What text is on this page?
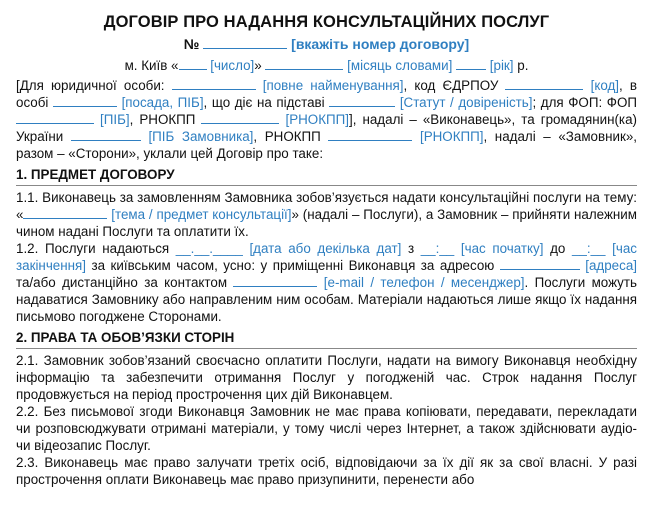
ДОГОВІР ПРО НАДАННЯ КОНСУЛЬТАЦІЙНИХ ПОСЛУГ
№	[вкажіть номер договору]
м. Київ « [число]»	[місяць словами]	[рік] р.

[Для юридичної особи:	[повне найменування], код ЄДРПОУ	[код], в особі	[посада, ПІБ], що діє на підставі	[Статут / довіреність]; для ФОП: ФОП  [ПІБ], РНОКПП	[РНОКПП]], надалі – «Виконавець», та громадянин(ка) України	[ПІБ Замовника], РНОКПП	[РНОКПП], надалі – «Замовник», разом – «Сторони», уклали цей Договір про таке:

1. ПРЕДМЕТ ДОГОВОРУ

1.1. Виконавець за замовленням Замовника зобов’язується надати консультаційні послуги на тему: «	[тема / предмет консультації]» (надалі – Послуги), а Замовник – прийняти належним чином надані Послуги та оплатити їх.

1.2. Послуги надаються __.__.____ [дата або декілька дат] з __:__ [час початку] до __:__ [час закінчення] за київським часом, усно: у приміщенні Виконавця за адресою	[адреса] та/або дистанційно за контактом	[e-mail / телефон / месенджер]. Послуги можуть надаватися Замовнику або направленим ним особам. Матеріали надаються лише якщо їх надання письмово погоджене Сторонами.

2. ПРАВА ТА ОБОВ’ЯЗКИ СТОРІН

2.1. Замовник зобов’язаний своєчасно оплатити Послуги, надати на вимогу Виконавця необхідну інформацію та забезпечити отримання Послуг у погодженій час. Строк надання Послуг продовжується на період прострочення цих дій Виконавцем.

2.2. Без письмової згоди Виконавця Замовник не має права копіювати, передавати, перекладати чи розповсюджувати отримані матеріали, у тому числі через Інтернет, а також здійснювати аудіо- чи відеозапис Послуг.

2.3. Виконавець має право залучати третіх осіб, відповідаючи за їх дії як за свої власні. У разі прострочення оплати Виконавець має право призупинити, перенести або
